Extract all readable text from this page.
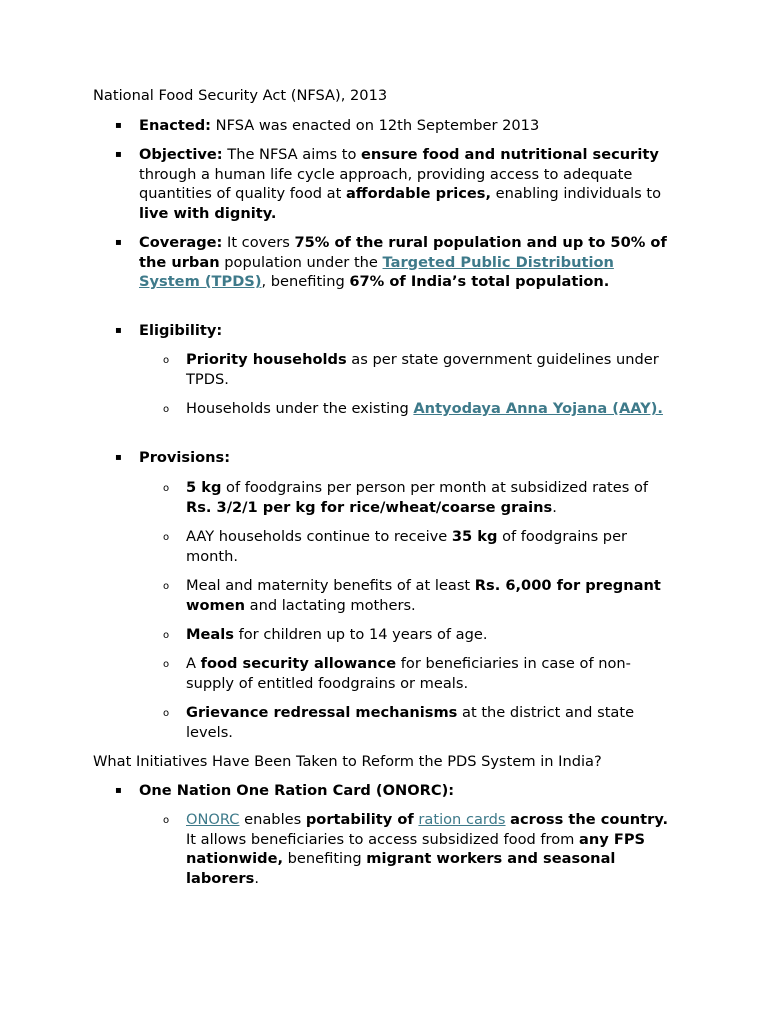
National Food Security Act (NFSA), 2013
▪ Enacted: NFSA was enacted on 12th September 2013
▪ Objective: The NFSA aims to ensure food and nutritional security through a human life cycle approach, providing access to adequate quantities of quality food at affordable prices, enabling individuals to live with dignity.
▪ Coverage: It covers 75% of the rural population and up to 50% of the urban population under the Targeted Public Distribution System (TPDS), benefiting 67% of India’s total population.
▪ Eligibility:
o Priority households as per state government guidelines under TPDS.
o Households under the existing Antyodaya Anna Yojana (AAY).
▪ Provisions:
o 5 kg of foodgrains per person per month at subsidized rates of Rs. 3/2/1 per kg for rice/wheat/coarse grains.
o AAY households continue to receive 35 kg of foodgrains per month.
o Meal and maternity benefits of at least Rs. 6,000 for pregnant women and lactating mothers.
o Meals for children up to 14 years of age.
o A food security allowance for beneficiaries in case of non-supply of entitled foodgrains or meals.
o Grievance redressal mechanisms at the district and state levels.
What Initiatives Have Been Taken to Reform the PDS System in India?
▪ One Nation One Ration Card (ONORC):
o ONORC enables portability of ration cards across the country. It allows beneficiaries to access subsidized food from any FPS nationwide, benefiting migrant workers and seasonal laborers.
